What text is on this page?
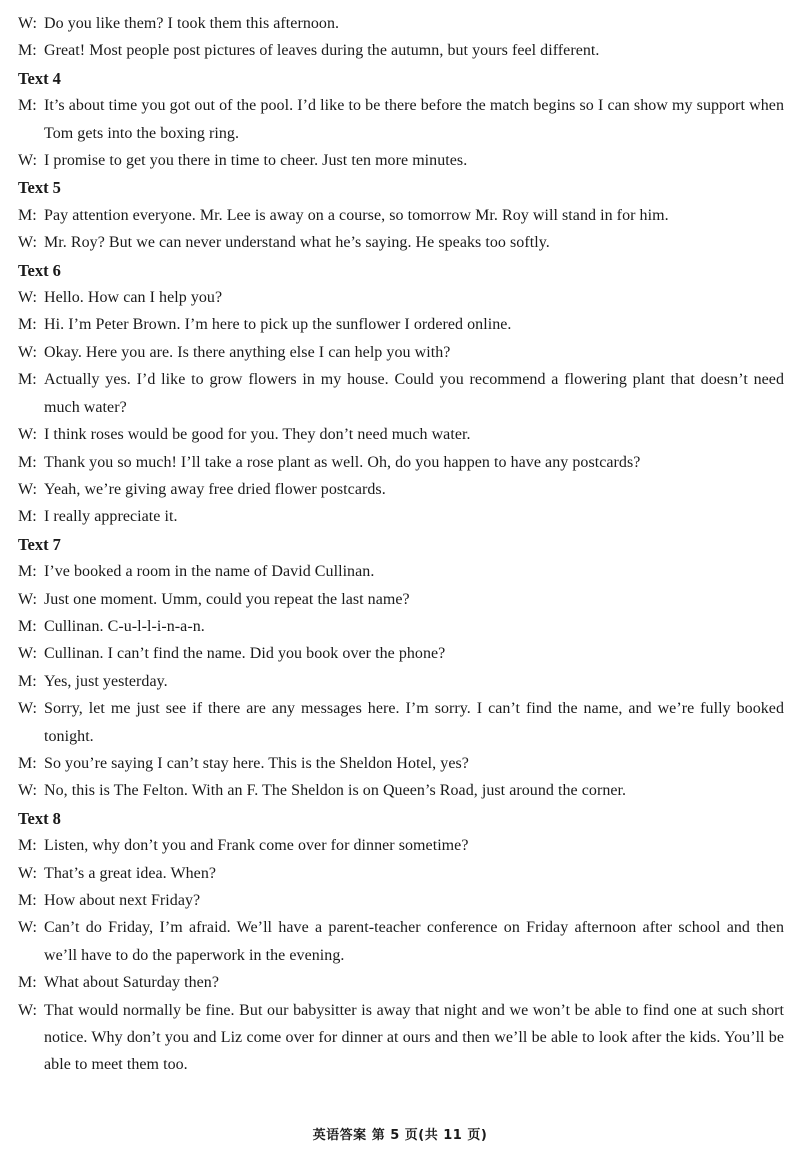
W: Do you like them? I took them this afternoon.
M: Great! Most people post pictures of leaves during the autumn, but yours feel different.
Text 4
M: It’s about time you got out of the pool. I’d like to be there before the match begins so I can show my support when Tom gets into the boxing ring.
W: I promise to get you there in time to cheer. Just ten more minutes.
Text 5
M: Pay attention everyone. Mr. Lee is away on a course, so tomorrow Mr. Roy will stand in for him.
W: Mr. Roy? But we can never understand what he’s saying. He speaks too softly.
Text 6
W: Hello. How can I help you?
M: Hi. I’m Peter Brown. I’m here to pick up the sunflower I ordered online.
W: Okay. Here you are. Is there anything else I can help you with?
M: Actually yes. I’d like to grow flowers in my house. Could you recommend a flowering plant that doesn’t need much water?
W: I think roses would be good for you. They don’t need much water.
M: Thank you so much! I’ll take a rose plant as well. Oh, do you happen to have any postcards?
W: Yeah, we’re giving away free dried flower postcards.
M: I really appreciate it.
Text 7
M: I’ve booked a room in the name of David Cullinan.
W: Just one moment. Umm, could you repeat the last name?
M: Cullinan. C-u-l-l-i-n-a-n.
W: Cullinan. I can’t find the name. Did you book over the phone?
M: Yes, just yesterday.
W: Sorry, let me just see if there are any messages here. I’m sorry. I can’t find the name, and we’re fully booked tonight.
M: So you’re saying I can’t stay here. This is the Sheldon Hotel, yes?
W: No, this is The Felton. With an F. The Sheldon is on Queen’s Road, just around the corner.
Text 8
M: Listen, why don’t you and Frank come over for dinner sometime?
W: That’s a great idea. When?
M: How about next Friday?
W: Can’t do Friday, I’m afraid. We’ll have a parent-teacher conference on Friday afternoon after school and then we’ll have to do the paperwork in the evening.
M: What about Saturday then?
W: That would normally be fine. But our babysitter is away that night and we won’t be able to find one at such short notice. Why don’t you and Liz come over for dinner at ours and then we’ll be able to look after the kids. You’ll be able to meet them too.
英语答案 第 5 页(共 11 页)
